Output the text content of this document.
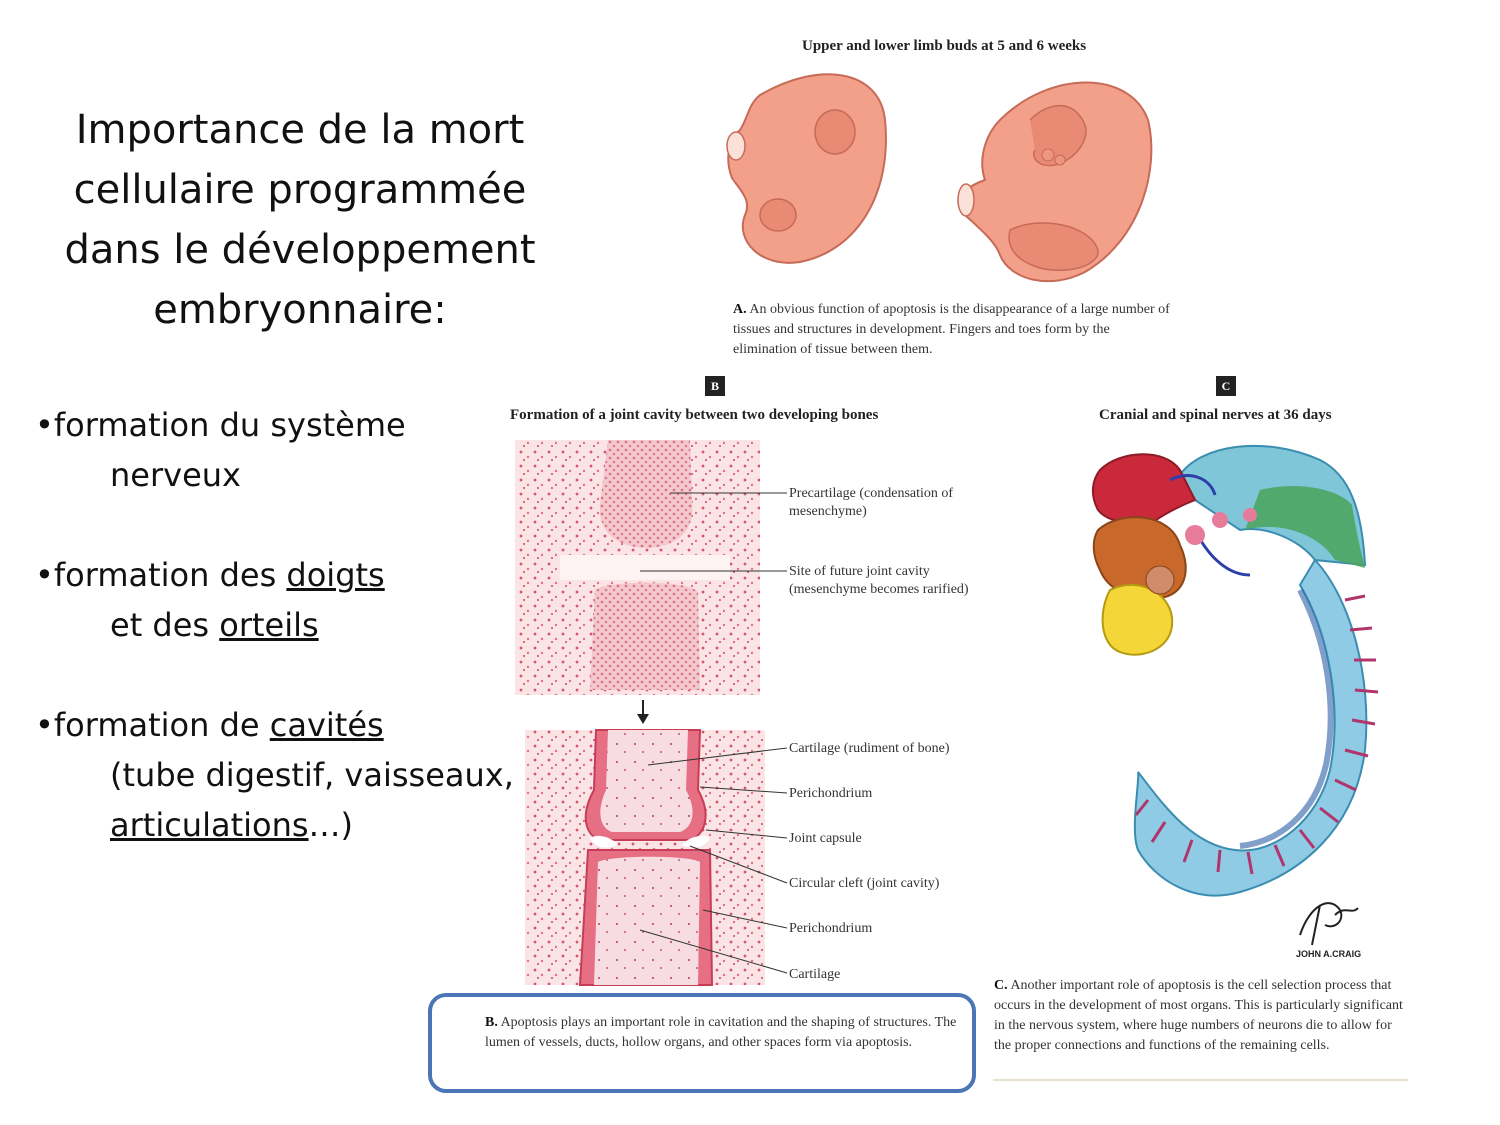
Importance de la mort
cellulaire programmée
dans le développement
embryonnaire:
•formation du système
nerveux
•formation des doigts
et des orteils
•formation de cavités
(tube digestif, vaisseaux,
articulations…)
JOHN A.CRAIG
Upper and lower limb buds at 5 and 6 weeks
A. An obvious function of apoptosis is the disappearance of a large number of tissues and structures in development. Fingers and toes form by the elimination of tissue between them.
B
Formation of a joint cavity between two developing bones
Precartilage (condensation of mesenchyme)
Site of future joint cavity (mesenchyme becomes rarified)
Cartilage (rudiment of bone)
Perichondrium
Joint capsule
Circular cleft (joint cavity)
Perichondrium
Cartilage
B. Apoptosis plays an important role in cavitation and the shaping of structures. The lumen of vessels, ducts, hollow organs, and other spaces form via apoptosis.
C
Cranial and spinal nerves at 36 days
C. Another important role of apoptosis is the cell selection process that occurs in the development of most organs. This is particularly significant in the nervous system, where huge numbers of neurons die to allow for the proper connections and functions of the remaining cells.
